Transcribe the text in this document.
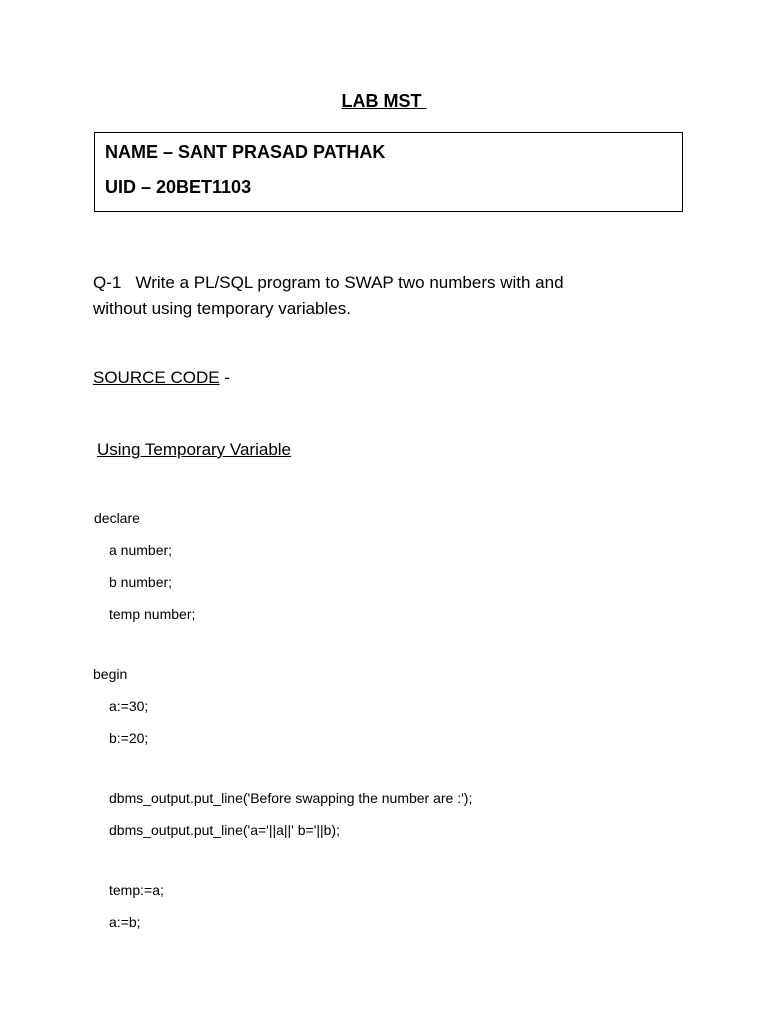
LAB MST
NAME – SANT PRASAD PATHAK
UID – 20BET1103
Q-1   Write a PL/SQL program to SWAP two numbers with and
without using temporary variables.
SOURCE CODE -
Using Temporary Variable
declare
a number;
b number;
temp number;
begin
a:=30;
b:=20;
dbms_output.put_line('Before swapping the number are :');
dbms_output.put_line('a='||a||' b='||b);
temp:=a;
a:=b;
